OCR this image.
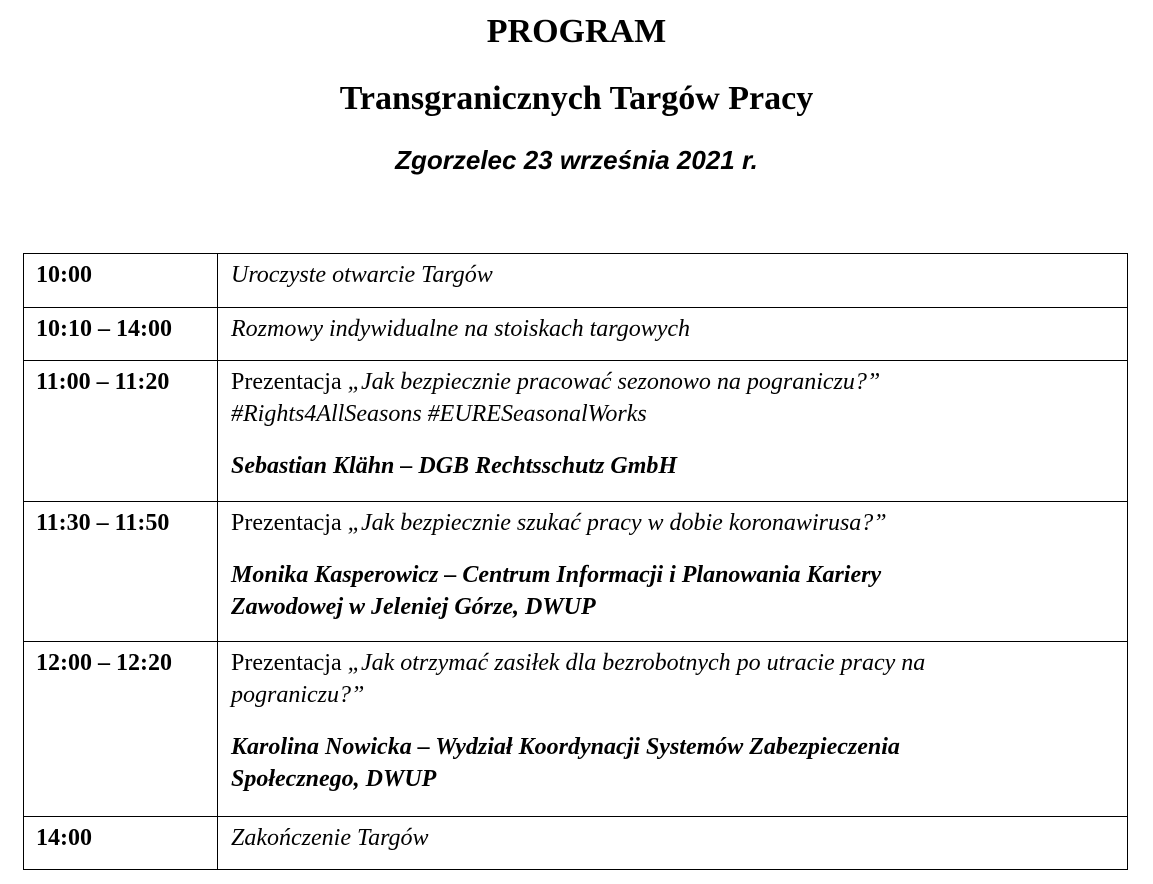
PROGRAM
Transgranicznych Targów Pracy
Zgorzelec 23 września 2021 r.
10:00	Uroczyste otwarcie Targów
10:10 – 14:00	Rozmowy indywidualne na stoiskach targowych
11:00 – 11:20	Prezentacja „Jak bezpiecznie pracować sezonowo na pograniczu?”
#Rights4AllSeasons #EURESeasonalWorks
Sebastian Klähn – DGB Rechtsschutz GmbH

11:30 – 11:50	Prezentacja „Jak bezpiecznie szukać pracy w dobie koronawirusa?”
Monika Kasperowicz – Centrum Informacji i Planowania Kariery
Zawodowej w Jeleniej Górze, DWUP

12:00 – 12:20	Prezentacja „Jak otrzymać zasiłek dla bezrobotnych po utracie pracy na
pograniczu?”
Karolina Nowicka – Wydział Koordynacji Systemów Zabezpieczenia
Społecznego, DWUP

14:00	Zakończenie Targów
